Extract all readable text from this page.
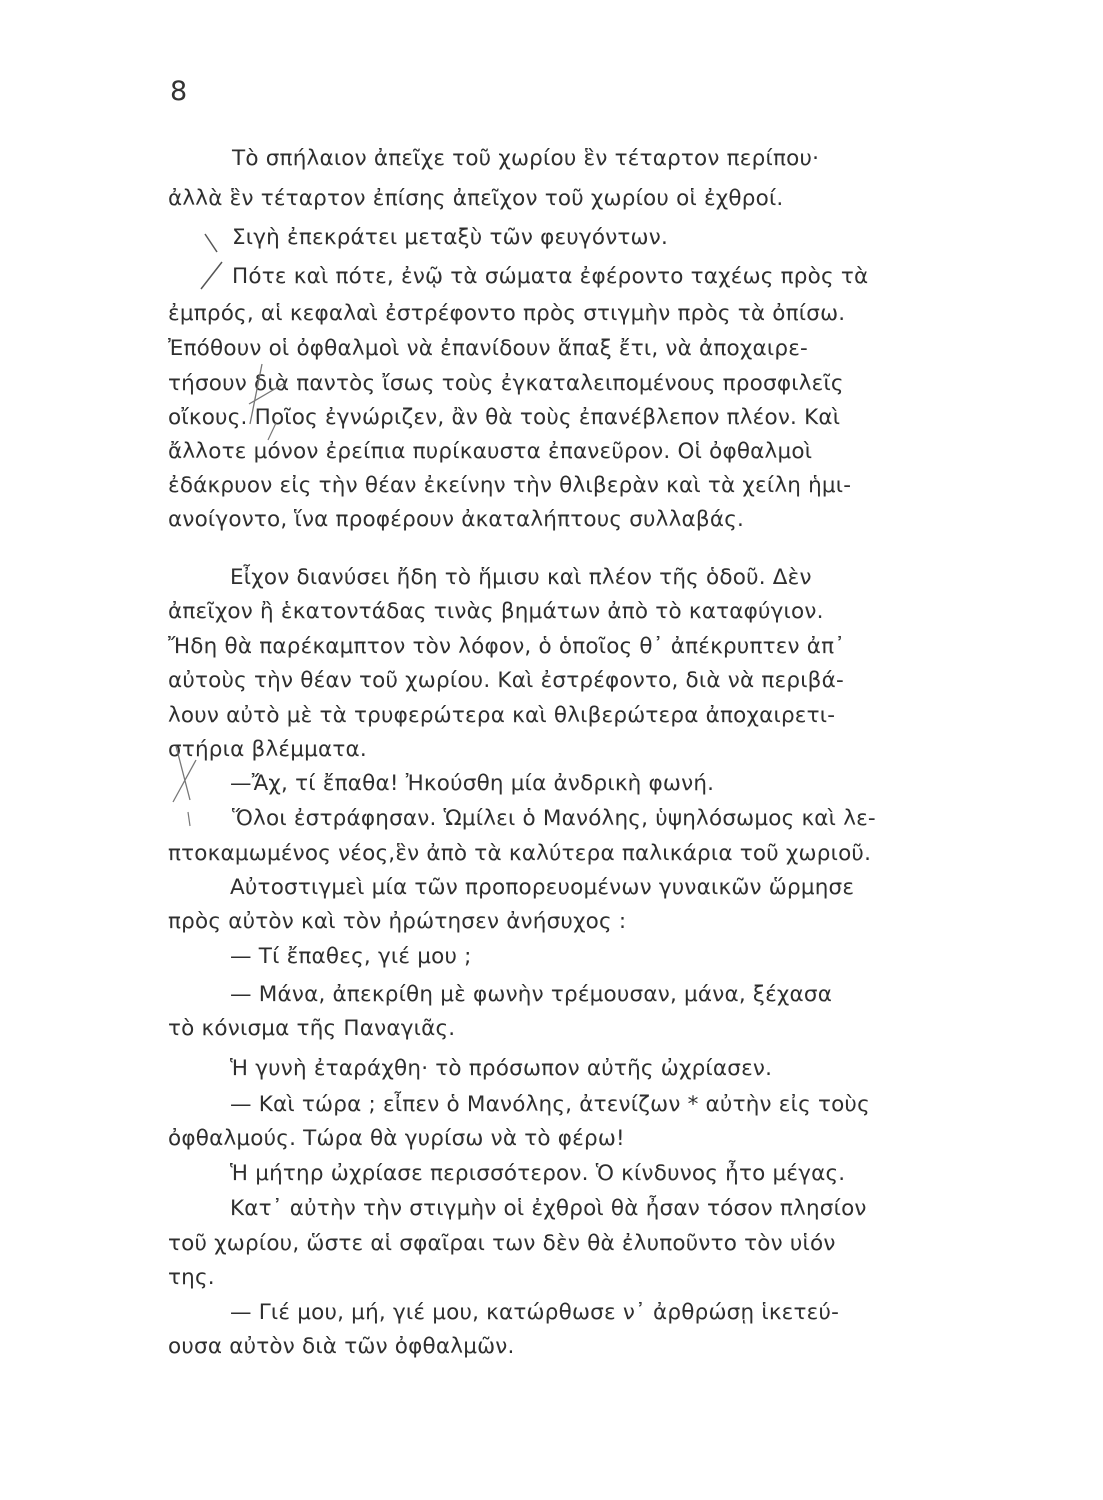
8
Τὸ σπήλαιον ἀπεῖχε τοῦ χωρίου ἓν τέταρτον περίπου·
ἀλλὰ ἓν τέταρτον ἐπίσης ἀπεῖχον τοῦ χωρίου οἱ ἐχθροί.
Σιγὴ ἐπεκράτει μεταξὺ τῶν φευγόντων.
Πότε καὶ πότε, ἐνῷ τὰ σώματα ἐφέροντο ταχέως πρὸς τὰ
ἐμπρός, αἱ κεφαλαὶ ἐστρέφοντο πρὸς στιγμὴν πρὸς τὰ ὀπίσω.
Ἐπόθουν οἱ ὀφθαλμοὶ νὰ ἐπανίδουν ἅπαξ ἔτι, νὰ ἀποχαιρε-
τήσουν διὰ παντὸς ἴσως τοὺς ἐγκαταλειπομένους προσφιλεῖς
οἴκους. Ποῖος ἐγνώριζεν, ἂν θὰ τοὺς ἐπανέβλεπον πλέον. Καὶ
ἄλλοτε μόνον ἐρείπια πυρίκαυστα ἐπανεῦρον. Οἱ ὀφθαλμοὶ
ἐδάκρυον εἰς τὴν θέαν ἐκείνην τὴν θλιβερὰν καὶ τὰ χείλη ἡμι-
ανοίγοντο, ἵνα προφέρουν ἀκαταλήπτους συλλαβάς.
Εἶχον διανύσει ἤδη τὸ ἥμισυ καὶ πλέον τῆς ὁδοῦ. Δὲν
ἀπεῖχον ἢ ἑκατοντάδας τινὰς βημάτων ἀπὸ τὸ καταφύγιον.
Ἤδη θὰ παρέκαμπτον τὸν λόφον, ὁ ὁποῖος θ᾿ ἀπέκρυπτεν ἀπ᾿
αὐτοὺς τὴν θέαν τοῦ χωρίου. Καὶ ἐστρέφοντο, διὰ νὰ περιβά-
λουν αὐτὸ μὲ τὰ τρυφερώτερα καὶ θλιβερώτερα ἀποχαιρετι-
στήρια βλέμματα.
—Ἄχ, τί ἔπαθα! Ἠκούσθη μία ἀνδρικὴ φωνή.
Ὅλοι ἐστράφησαν. Ὡμίλει ὁ Μανόλης, ὑψηλόσωμος καὶ λε-
πτοκαμωμένος νέος,ἓν ἀπὸ τὰ καλύτερα παλικάρια τοῦ χωριοῦ.
Αὐτοστιγμεὶ μία τῶν προπορευομένων γυναικῶν ὥρμησε
πρὸς αὐτὸν καὶ τὸν ἠρώτησεν ἀνήσυχος :
— Τί ἔπαθες, γιέ μου ;
— Μάνα, ἀπεκρίθη μὲ φωνὴν τρέμουσαν, μάνα, ξέχασα
τὸ κόνισμα τῆς Παναγιᾶς.
Ἡ γυνὴ ἐταράχθη· τὸ πρόσωπον αὐτῆς ὠχρίασεν.
— Καὶ τώρα ; εἶπεν ὁ Μανόλης, ἀτενίζων * αὐτὴν εἰς τοὺς
ὀφθαλμούς. Τώρα θὰ γυρίσω νὰ τὸ φέρω!
Ἡ μήτηρ ὠχρίασε περισσότερον. Ὁ κίνδυνος ἦτο μέγας.
Κατ᾿ αὐτὴν τὴν στιγμὴν οἱ ἐχθροὶ θὰ ἦσαν τόσον πλησίον
τοῦ χωρίου, ὥστε αἱ σφαῖραι των δὲν θὰ ἐλυποῦντο τὸν υἱόν
της.
— Γιέ μου, μή, γιέ μου, κατώρθωσε ν᾿ ἀρθρώσῃ ἱκετεύ-
ουσα αὐτὸν διὰ τῶν ὀφθαλμῶν.
